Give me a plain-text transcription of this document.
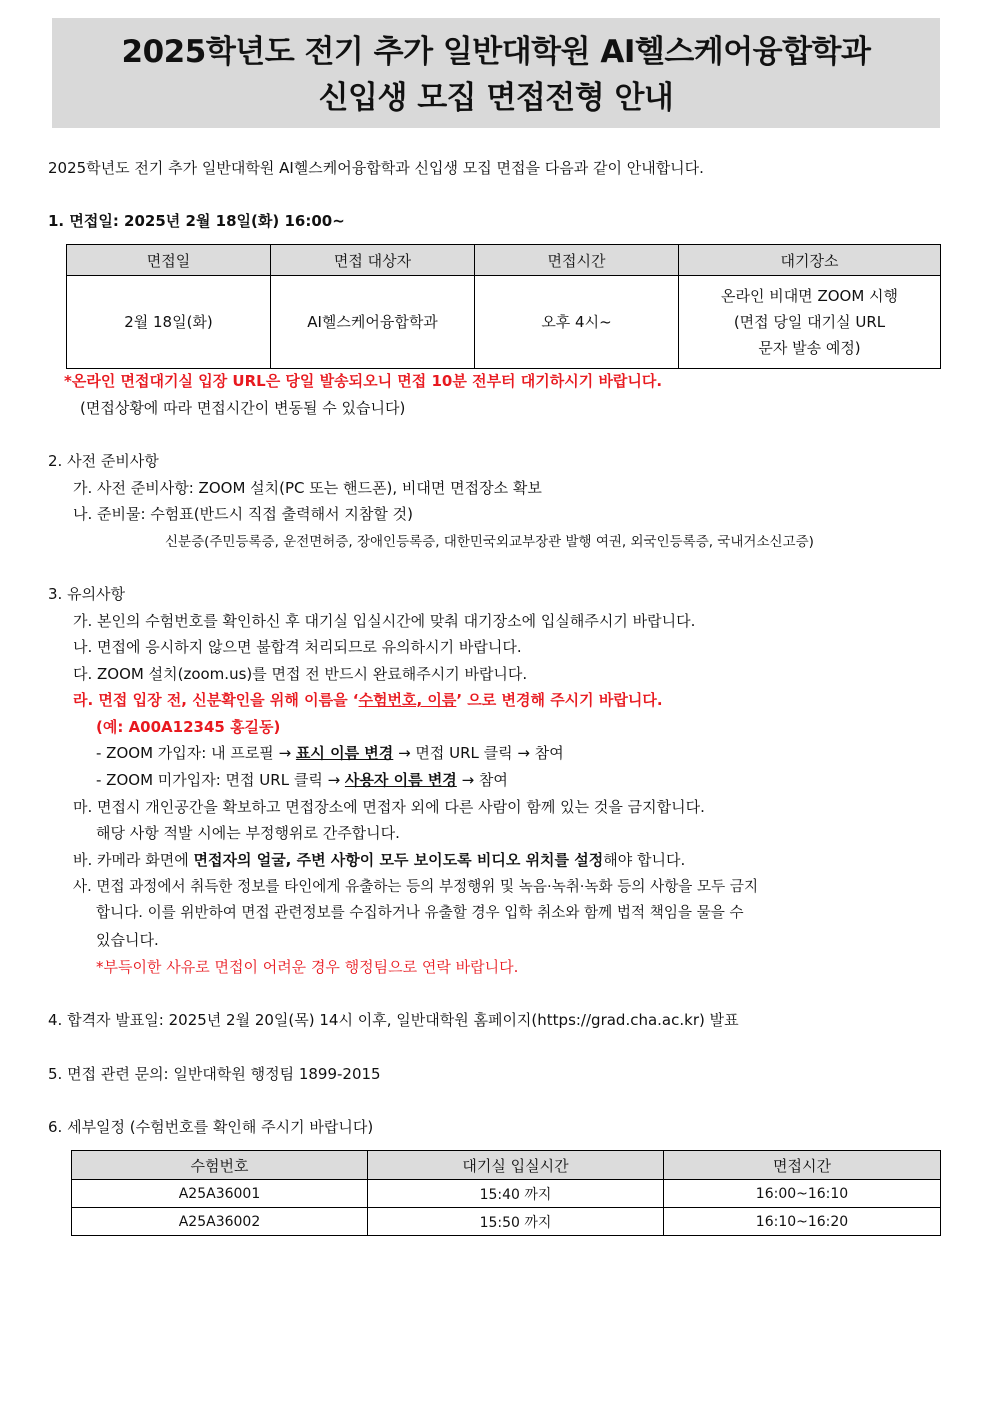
2025학년도 전기 추가 일반대학원 AI헬스케어융합학과
신입생 모집 면접전형 안내
2025학년도 전기 추가 일반대학원 AI헬스케어융합학과 신입생 모집 면접을 다음과 같이 안내합니다.
1. 면접일: 2025년 2월 18일(화) 16:00~
면접일	면접 대상자	면접시간	대기장소
2월 18일(화)	AI헬스케어융합학과	오후 4시~	온라인 비대면 ZOOM 시행
(면접 당일 대기실 URL
문자 발송 예정)
*온라인 면접대기실 입장 URL은 당일 발송되오니 면접 10분 전부터 대기하시기 바랍니다.
(면접상황에 따라 면접시간이 변동될 수 있습니다)
2. 사전 준비사항
가. 사전 준비사항: ZOOM 설치(PC 또는 핸드폰), 비대면 면접장소 확보
나. 준비물: 수험표(반드시 직접 출력해서 지참할 것)
신분증(주민등록증, 운전면허증, 장애인등록증, 대한민국외교부장관 발행 여권, 외국인등록증, 국내거소신고증)
3. 유의사항
가. 본인의 수험번호를 확인하신 후 대기실 입실시간에 맞춰 대기장소에 입실해주시기 바랍니다.
나. 면접에 응시하지 않으면 불합격 처리되므로 유의하시기 바랍니다.
다. ZOOM 설치(zoom.us)를 면접 전 반드시 완료해주시기 바랍니다.
라. 면접 입장 전, 신분확인을 위해 이름을 ‘수험번호, 이름’ 으로 변경해 주시기 바랍니다.
(예: A00A12345 홍길동)
- ZOOM 가입자: 내 프로필 → 표시 이름 변경 → 면접 URL 클릭 → 참여
- ZOOM 미가입자: 면접 URL 클릭 → 사용자 이름 변경 → 참여
마. 면접시 개인공간을 확보하고 면접장소에 면접자 외에 다른 사람이 함께 있는 것을 금지합니다.
해당 사항 적발 시에는 부정행위로 간주합니다.
바. 카메라 화면에 면접자의 얼굴, 주변 사항이 모두 보이도록 비디오 위치를 설정해야 합니다.
사. 면접 과정에서 취득한 정보를 타인에게 유출하는 등의 부정행위 및 녹음·녹취·녹화 등의 사항을 모두 금지
합니다. 이를 위반하여 면접 관련정보를 수집하거나 유출할 경우 입학 취소와 함께 법적 책임을 물을 수
있습니다.
*부득이한 사유로 면접이 어려운 경우 행정팀으로 연락 바랍니다.
4. 합격자 발표일: 2025년 2월 20일(목) 14시 이후, 일반대학원 홈페이지(https://grad.cha.ac.kr) 발표
5. 면접 관련 문의: 일반대학원 행정팀 1899-2015
6. 세부일정 (수험번호를 확인해 주시기 바랍니다)
수험번호	대기실 입실시간	면접시간
A25A36001	15:40 까지	16:00~16:10
A25A36002	15:50 까지	16:10~16:20
